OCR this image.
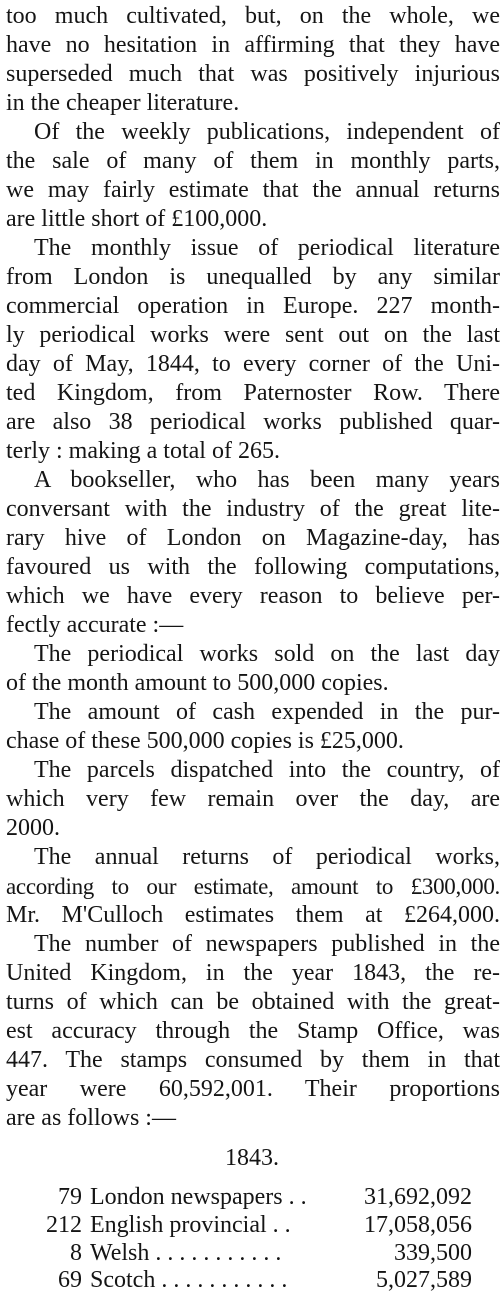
too much cultivated, but, on the whole, we
have no hesitation in affirming that they have
superseded much that was positively injurious
in the cheaper literature.
Of the weekly publications, independent of
the sale of many of them in monthly parts,
we may fairly estimate that the annual returns
are little short of £100,000.
The monthly issue of periodical literature
from London is unequalled by any similar
commercial operation in Europe. 227 month-
ly periodical works were sent out on the last
day of May, 1844, to every corner of the Uni-
ted Kingdom, from Paternoster Row. There
are also 38 periodical works published quar-
terly : making a total of 265.
A bookseller, who has been many years
conversant with the industry of the great lite-
rary hive of London on Magazine-day, has
favoured us with the following computations,
which we have every reason to believe per-
fectly accurate :—
The periodical works sold on the last day
of the month amount to 500,000 copies.
The amount of cash expended in the pur-
chase of these 500,000 copies is £25,000.
The parcels dispatched into the country, of
which very few remain over the day, are
2000.
The annual returns of periodical works,
according to our estimate, amount to £300,000.
Mr. M'Culloch estimates them at £264,000.
The number of newspapers published in the
United Kingdom, in the year 1843, the re-
turns of which can be obtained with the great-
est accuracy through the Stamp Office, was
447. The stamps consumed by them in that
year were 60,592,001. Their proportions
are as follows :—
1843.
79 London newspapers . .	31,692,092
212 English provincial . .	17,058,056
8 Welsh . . . . . . . . . . .	339,500
69 Scotch . . . . . . . . . . .	5,027,589
